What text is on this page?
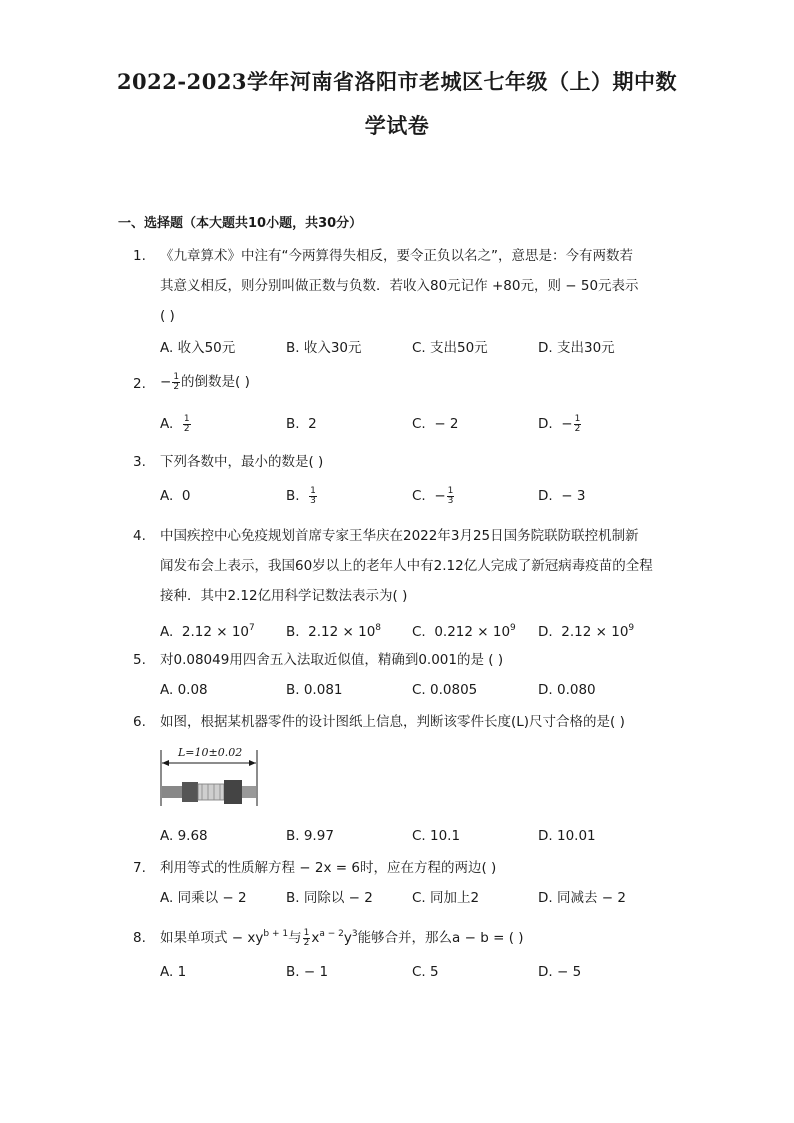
2022-2023学年河南省洛阳市老城区七年级（上）期中数
学试卷
一、选择题（本大题共10小题，共30分）
1. 《九章算术》中注有“今两算得失相反，要令正负以名之”，意思是：今有两数若
其意义相反，则分别叫做正数与负数．若收入80元记作 +80元，则 − 50元表示
( )
A. 收入50元	B. 收入30元	C. 支出50元	D. 支出30元
2. − $\frac{1}{2}$ 的倒数是( )
A. $\frac{1}{2}$	B. 2	C. − 2	D. − $\frac{1}{2}$
3. 下列各数中，最小的数是( )
A. 0	B. $\frac{1}{3}$	C. − $\frac{1}{3}$	D. − 3
4. 中国疾控中心免疫规划首席专家王华庆在2022年3月25日国务院联防联控机制新
闻发布会上表示，我国60岁以上的老年人中有2.12亿人完成了新冠病毒疫苗的全程
接种．其中2.12亿用科学记数法表示为( )
A. $2.12 \times 10^7$ B. $2.12 \times 10^8$ C. $0.212 \times 10^9$ D. $2.12 \times 10^9$
5. 对0.08049用四舍五入法取近似值，精确到0.001的是 ( )
A. 0.08	B. 0.081	C. 0.0805	D. 0.080
6. 如图，根据某机器零件的设计图纸上信息，判断该零件长度(L)尺寸合格的是( )
L=10±0.02
A. 9.68	B. 9.97	C. 10.1	D. 10.01
7. 利用等式的性质解方程 − 2x = 6时，应在方程的两边( )
A. 同乘以 − 2	B. 同除以 − 2	C. 同加上2	D. 同减去 − 2
8. 如果单项式 − $xy^{b + 1}$与 $\frac{1}{2} x^{a - 2}y^3$能够合并，那么a − b = ( )
A. 1	B. − 1	C. 5	D. − 5
